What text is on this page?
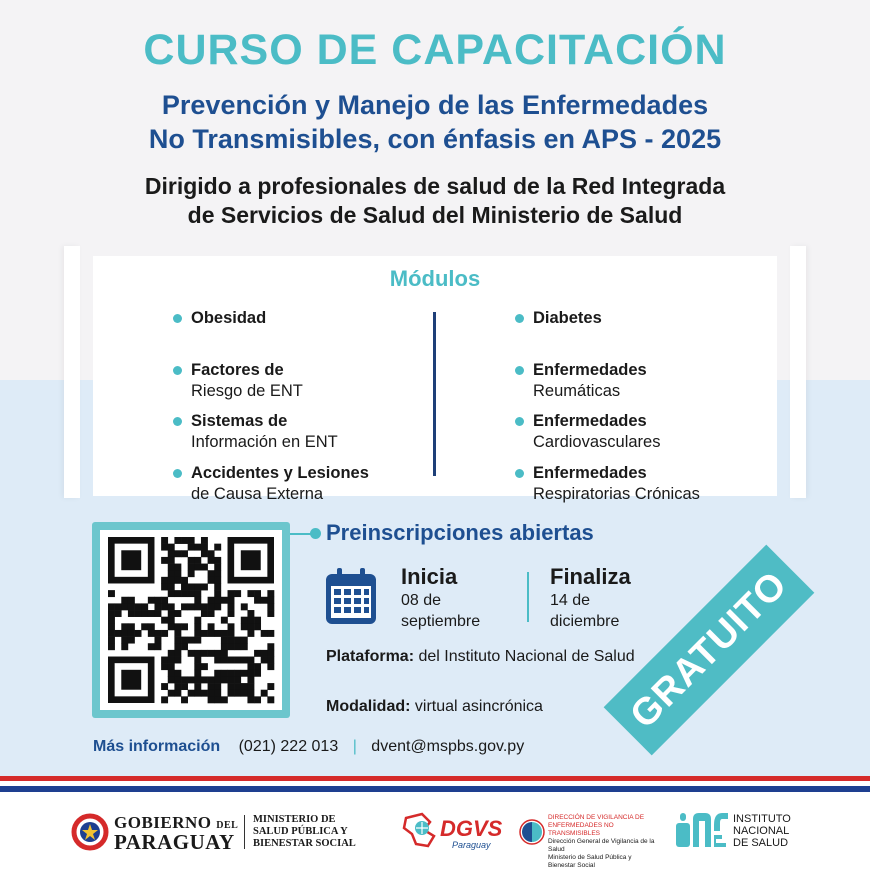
CURSO DE CAPACITACIÓN
Prevención y Manejo de las Enfermedades
No Transmisibles, con énfasis en APS - 2025
Dirigido a profesionales de salud de la Red Integrada
de Servicios de Salud del Ministerio de Salud
Módulos
Obesidad
Factores de
Riesgo de ENT
Sistemas de
Información en ENT
Accidentes y Lesiones
de Causa Externa
Diabetes
Enfermedades
Reumáticas
Enfermedades
Cardiovasculares
Enfermedades
Respiratorias Crónicas
Preinscripciones abiertas
Inicia
08 de
septiembre
Finaliza
14 de
diciembre
Plataforma: del Instituto Nacional de Salud
Modalidad: virtual asincrónica GRATUITO
Más información (021) 222 013 | dvent@mspbs.gov.py
GOBIERNO DEL
PARAGUAY
MINISTERIO DE
SALUD PÚBLICA Y
BIENESTAR SOCIAL
DGVS
Paraguay
DIRECCIÓN DE VIGILANCIA DE
ENFERMEDADES NO TRANSMISIBLES
Dirección General de Vigilancia de la Salud
Ministerio de Salud Pública y Bienestar Social
INSTITUTO
NACIONAL
DE SALUD
